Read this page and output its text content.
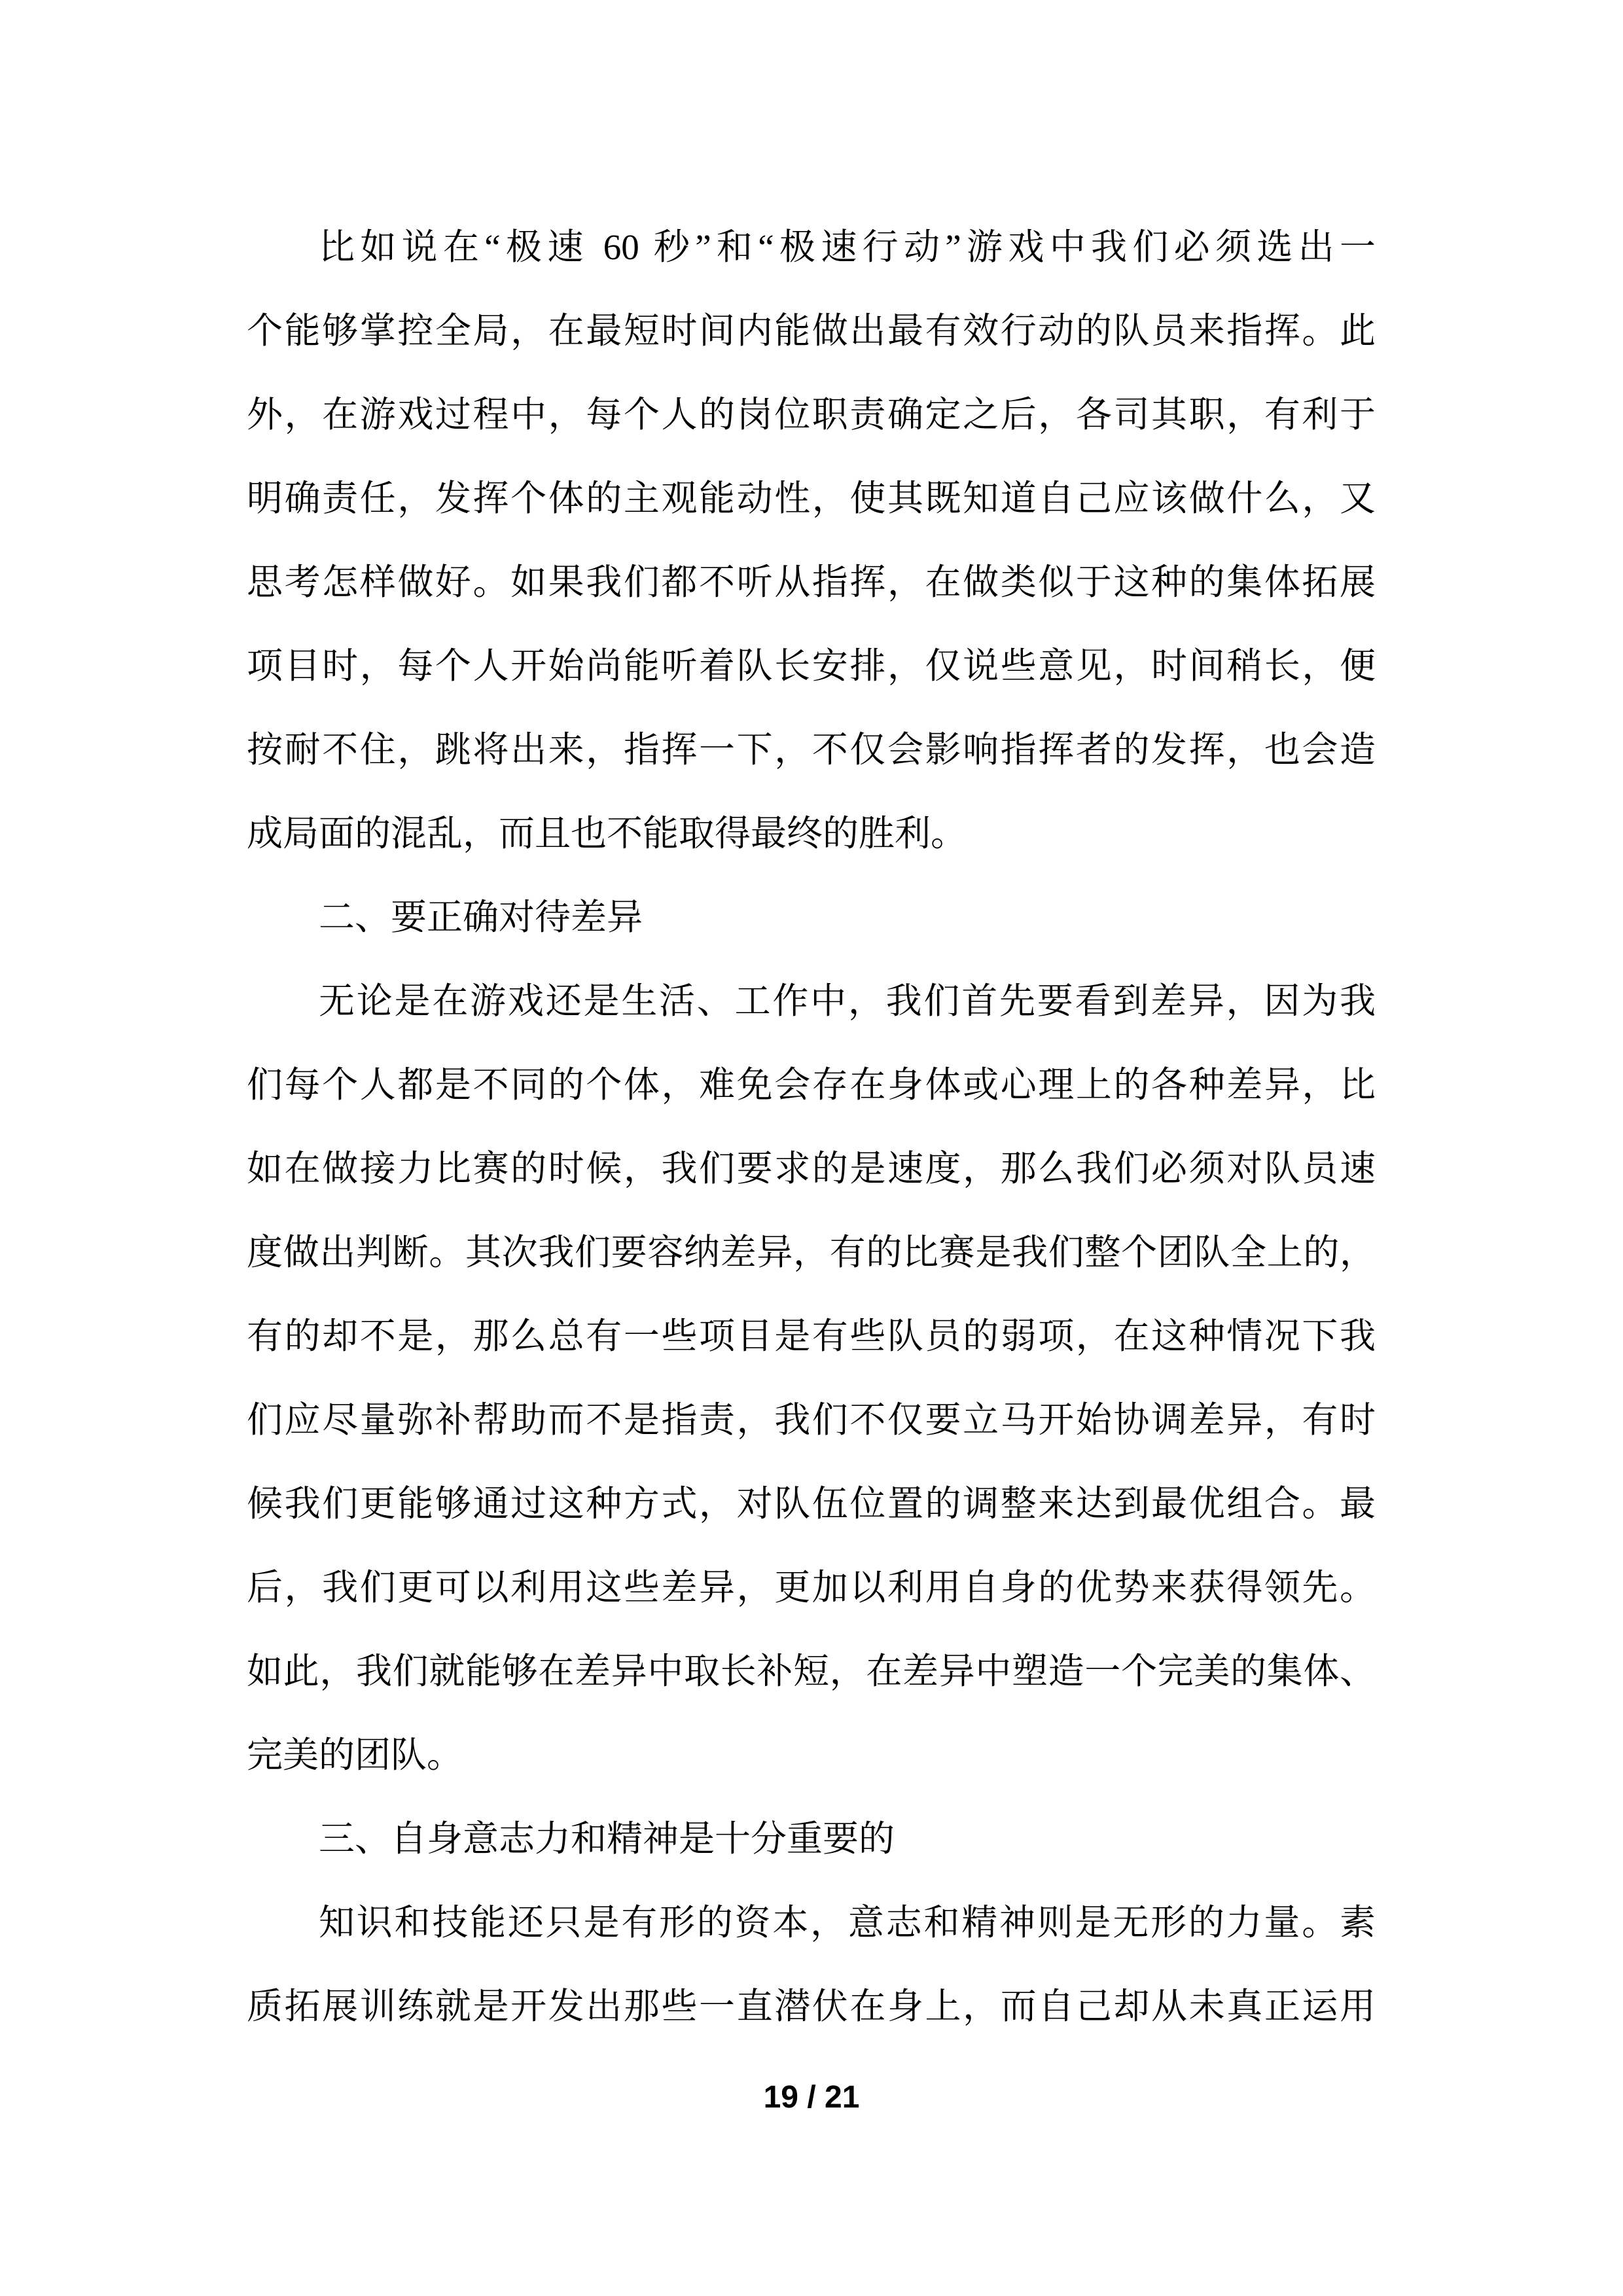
比如说在“极速 60 秒”和“极速行动”游戏中我们必须选出一
个能够掌控全局，在最短时间内能做出最有效行动的队员来指挥。此
外，在游戏过程中，每个人的岗位职责确定之后，各司其职，有利于
明确责任，发挥个体的主观能动性，使其既知道自己应该做什么，又
思考怎样做好。如果我们都不听从指挥，在做类似于这种的集体拓展
项目时，每个人开始尚能听着队长安排，仅说些意见，时间稍长，便
按耐不住，跳将出来，指挥一下，不仅会影响指挥者的发挥，也会造
成局面的混乱，而且也不能取得最终的胜利。
二、要正确对待差异
无论是在游戏还是生活、工作中，我们首先要看到差异，因为我
们每个人都是不同的个体，难免会存在身体或心理上的各种差异，比
如在做接力比赛的时候，我们要求的是速度，那么我们必须对队员速
度做出判断。其次我们要容纳差异，有的比赛是我们整个团队全上的，
有的却不是，那么总有一些项目是有些队员的弱项，在这种情况下我
们应尽量弥补帮助而不是指责，我们不仅要立马开始协调差异，有时
候我们更能够通过这种方式，对队伍位置的调整来达到最优组合。最
后，我们更可以利用这些差异，更加以利用自身的优势来获得领先。
如此，我们就能够在差异中取长补短，在差异中塑造一个完美的集体、
完美的团队。
三、自身意志力和精神是十分重要的
知识和技能还只是有形的资本，意志和精神则是无形的力量。素
质拓展训练就是开发出那些一直潜伏在身上，而自己却从未真正运用
19 / 21
